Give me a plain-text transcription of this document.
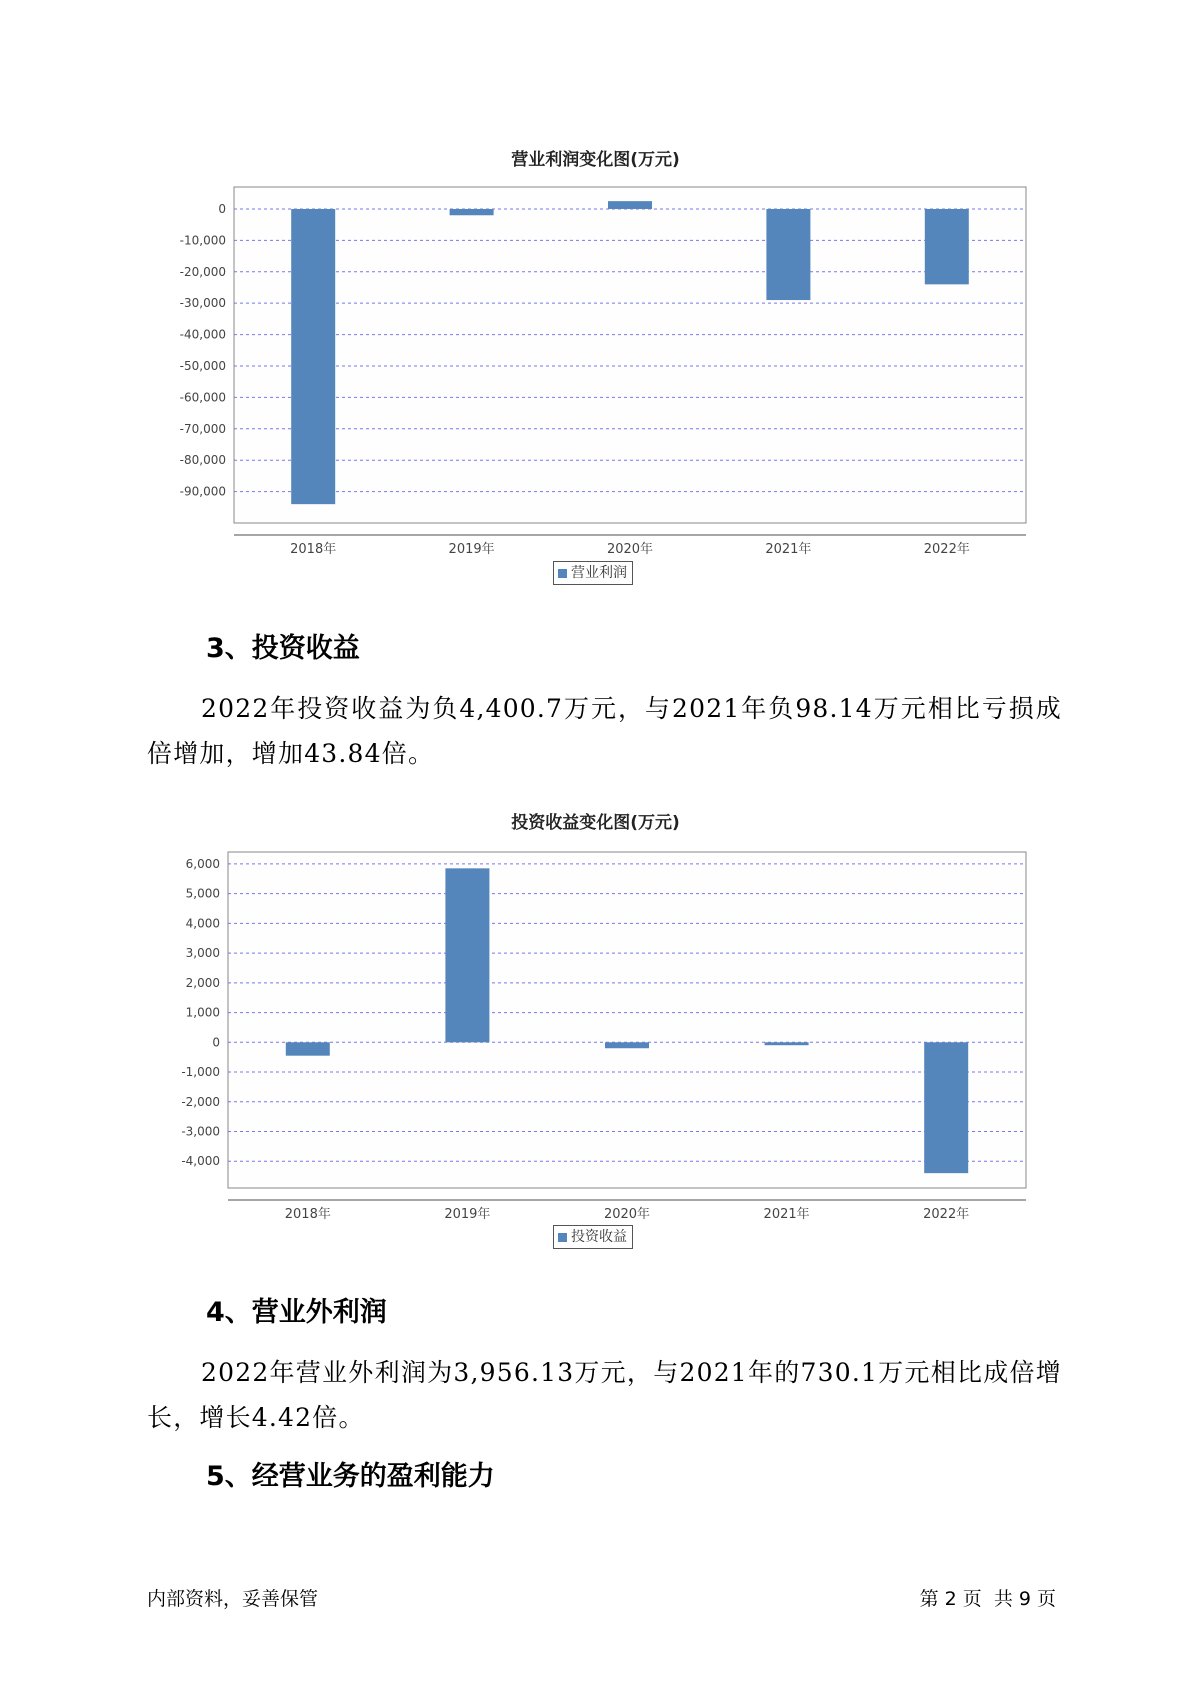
营业利润变化图(万元)
0
-10,000
-20,000
-30,000
-40,000
-50,000
-60,000
-70,000
-80,000
-90,000
2018年	2019年	2020年	2021年	2022年
营业利润
3、投资收益
2022年投资收益为负4,400.7万元，与2021年负98.14万元相比亏损成倍增加，增加43.84倍。
投资收益变化图(万元)
6,000
5,000
4,000
3,000
2,000
1,000
0
-1,000
-2,000
-3,000
-4,000
2018年	2019年	2020年	2021年	2022年
投资收益
4、营业外利润
2022年营业外利润为3,956.13万元，与2021年的730.1万元相比成倍增长，增长4.42倍。
5、经营业务的盈利能力
内部资料，妥善保管	第 2 页  共 9 页
